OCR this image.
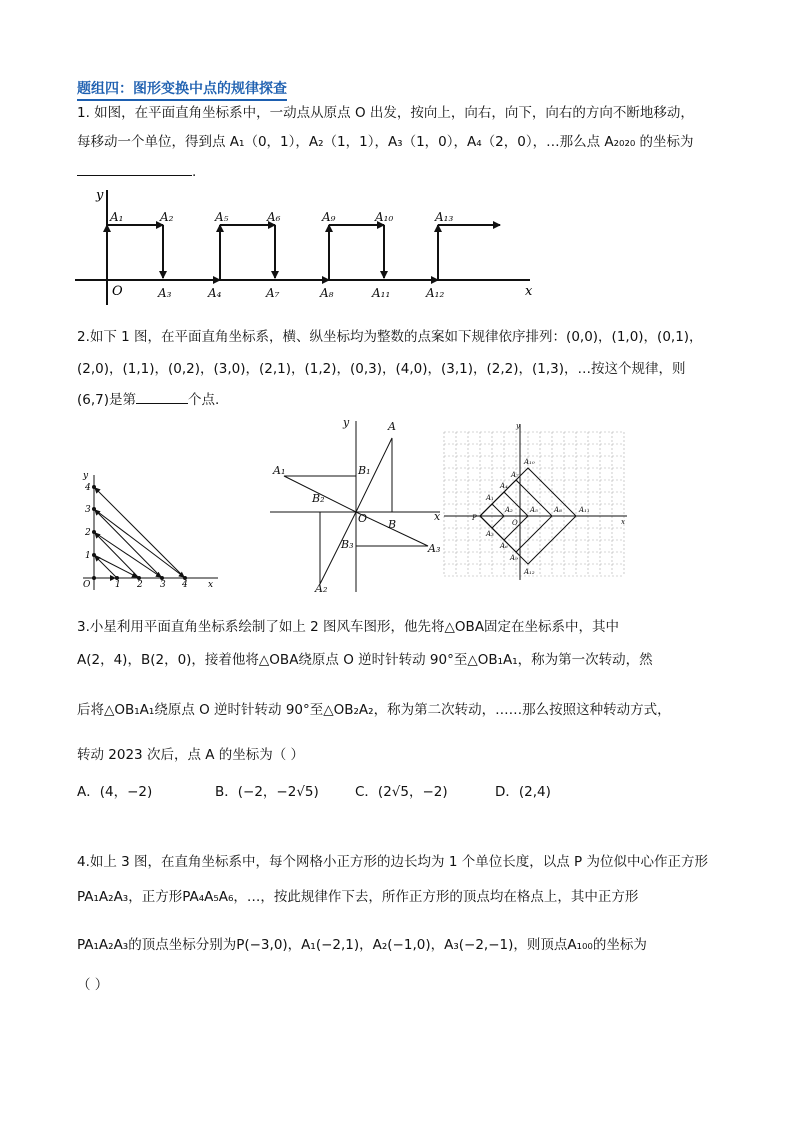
题组四：图形变换中点的规律探查
1. 如图，在平面直角坐标系中，一动点从原点 O 出发，按向上，向右，向下，向右的方向不断地移动，
每移动一个单位，得到点 A₁（0，1），A₂（1，1），A₃（1，0），A₄（2，0），…那么点 A₂₀₂₀ 的坐标为
.
y
x
O
A₁	A₂	A₅	A₆	A₉	A₁₀	A₁₃
A₃	A₄	A₇	A₈	A₁₁	A₁₂
2.如下 1 图，在平面直角坐标系，横、纵坐标均为整数的点案如下规律依序排列：(0,0)，(1,0)，(0,1)，
(2,0)，(1,1)，(0,2)，(3,0)，(2,1)，(1,2)，(0,3)，(4,0)，(3,1)，(2,2)，(1,3)，…按这个规律，则
(6,7)是第	个点.
y
x
O	1 2 3 4
1
2
3
4
y
x
O
A
B
A₁	B₁
B₂
A₂
B₃	A₃
y
x
O
P
A₁
A₂
A₃
A₄
A₅
A₆
A₇
A₈
A₉
A₁₀
A₁₁
A₁₂
3.小星利用平面直角坐标系绘制了如上 2 图风车图形，他先将△OBA固定在坐标系中，其中
A(2，4)，B(2，0)，接着他将△OBA绕原点 O 逆时针转动 90°至△OB₁A₁，称为第一次转动，然
后将△OB₁A₁绕原点 O 逆时针转动 90°至△OB₂A₂，称为第二次转动，……那么按照这种转动方式，
转动 2023 次后，点 A 的坐标为（ ）
A．(4，−2)	B．(−2，−2√5)	C．(2√5，−2)	D．(2,4)
4.如上 3 图，在直角坐标系中，每个网格小正方形的边长均为 1 个单位长度，以点 P 为位似中心作正方形
PA₁A₂A₃，正方形PA₄A₅A₆，…，按此规律作下去，所作正方形的顶点均在格点上，其中正方形
PA₁A₂A₃的顶点坐标分别为P(−3,0)，A₁(−2,1)，A₂(−1,0)，A₃(−2,−1)，则顶点A₁₀₀的坐标为
（ ）
